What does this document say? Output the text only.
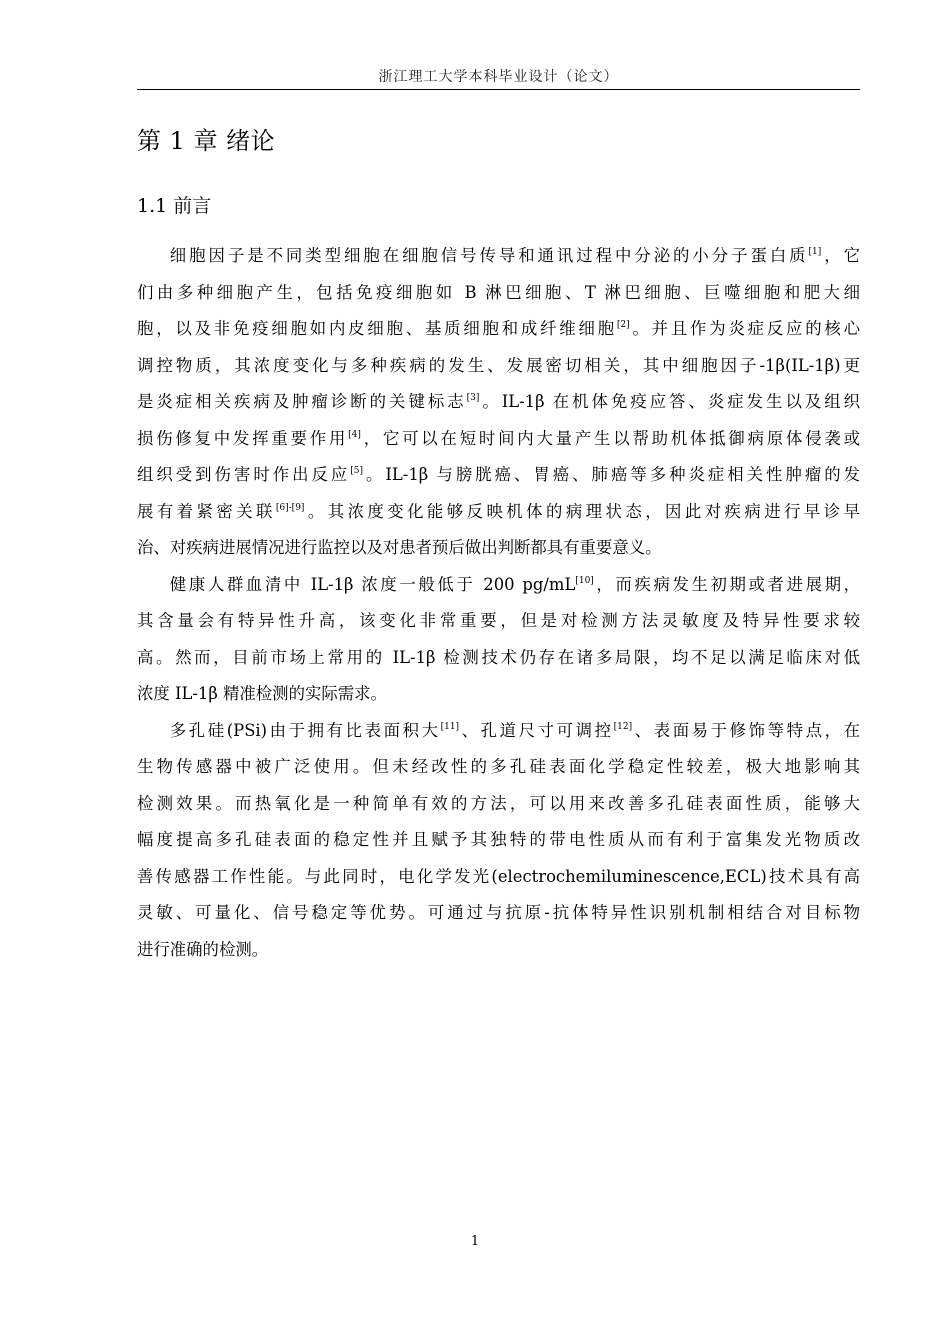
浙江理工大学本科毕业设计（论文）
第 1 章 绪论
1.1 前言

细胞因子是不同类型细胞在细胞信号传导和通讯过程中分泌的小分子蛋白质[1]，它

们由多种细胞产生，包括免疫细胞如 B 淋巴细胞、T 淋巴细胞、巨噬细胞和肥大细
胞，以及非免疫细胞如内皮细胞、基质细胞和成纤维细胞[2]。并且作为炎症反应的核心
调控物质，其浓度变化与多种疾病的发生、发展密切相关，其中细胞因子-1β(IL-1β)更
是炎症相关疾病及肿瘤诊断的关键标志[3]。IL-1β 在机体免疫应答、炎症发生以及组织
损伤修复中发挥重要作用[4]，它可以在短时间内大量产生以帮助机体抵御病原体侵袭或
组织受到伤害时作出反应[5]。IL-1β 与膀胱癌、胃癌、肺癌等多种炎症相关性肿瘤的发
展有着紧密关联[6]-[9]。其浓度变化能够反映机体的病理状态，因此对疾病进行早诊早
治、对疾病进展情况进行监控以及对患者预后做出判断都具有重要意义。

健康人群血清中 IL-1β 浓度一般低于 200 pg/mL[10]，而疾病发生初期或者进展期，

其含量会有特异性升高，该变化非常重要，但是对检测方法灵敏度及特异性要求较
高。然而，目前市场上常用的 IL-1β 检测技术仍存在诸多局限，均不足以满足临床对低
浓度 IL-1β 精准检测的实际需求。

多孔硅(PSi)由于拥有比表面积大[11]、孔道尺寸可调控[12]、表面易于修饰等特点，在

生物传感器中被广泛使用。但未经改性的多孔硅表面化学稳定性较差，极大地影响其
检测效果。而热氧化是一种简单有效的方法，可以用来改善多孔硅表面性质，能够大
幅度提高多孔硅表面的稳定性并且赋予其独特的带电性质从而有利于富集发光物质改
善传感器工作性能。与此同时，电化学发光(electrochemiluminescence,ECL)技术具有高
灵敏、可量化、信号稳定等优势。可通过与抗原-抗体特异性识别机制相结合对目标物
进行准确的检测。
1
